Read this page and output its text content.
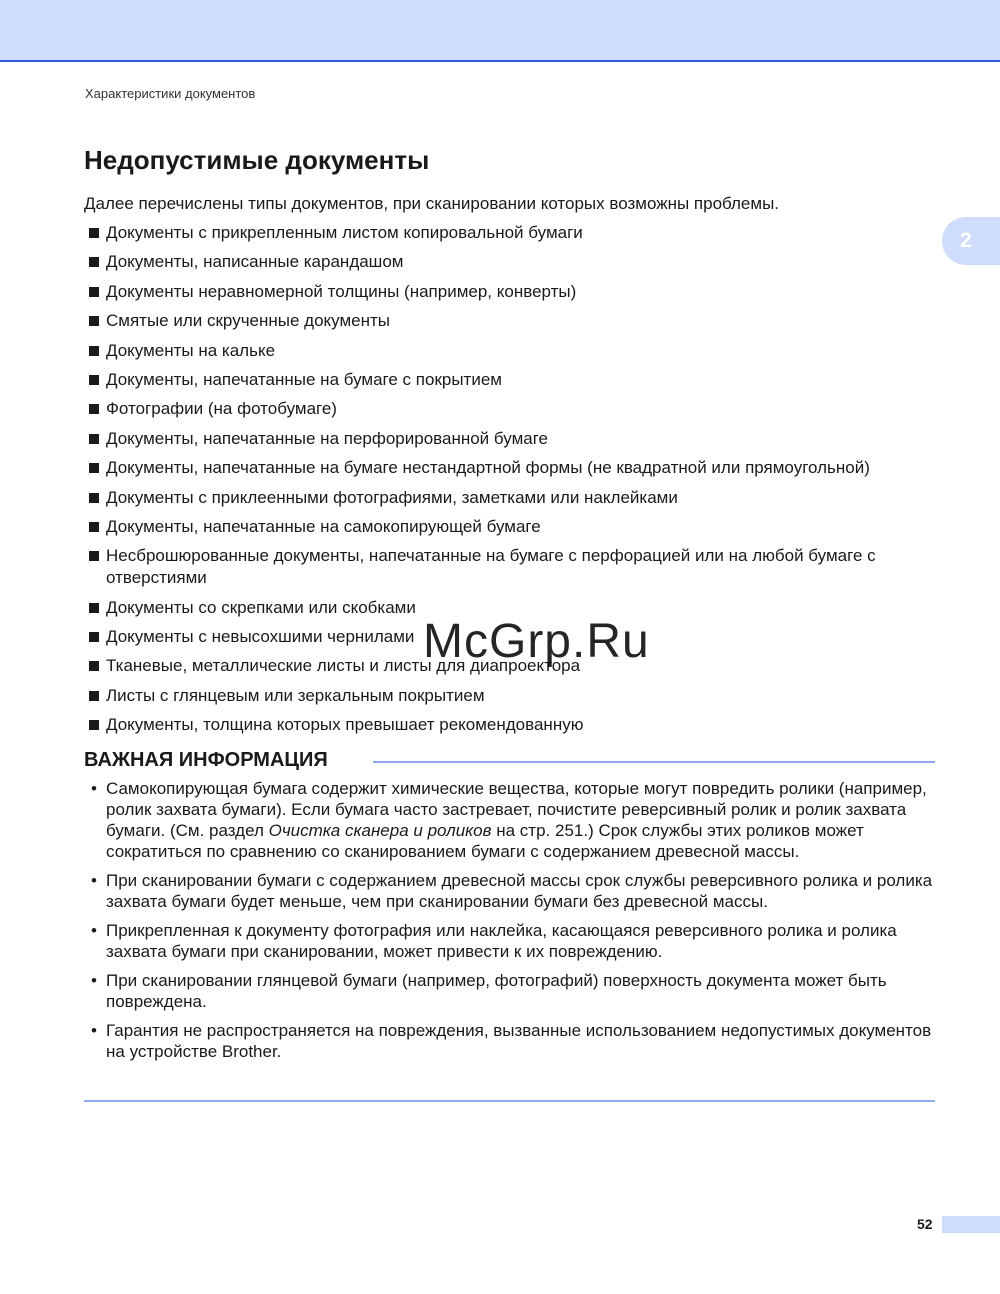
Характеристики документов
2
Недопустимые документы

Далее перечислены типы документов, при сканировании которых возможны проблемы.

Документы с прикрепленным листом копировальной бумаги
Документы, написанные карандашом
Документы неравномерной толщины (например, конверты)
Смятые или скрученные документы
Документы на кальке
Документы, напечатанные на бумаге с покрытием
Фотографии (на фотобумаге)
Документы, напечатанные на перфорированной бумаге
Документы, напечатанные на бумаге нестандартной формы (не квадратной или прямоугольной)
Документы с приклеенными фотографиями, заметками или наклейками
Документы, напечатанные на самокопирующей бумаге
Несброшюрованные документы, напечатанные на бумаге с перфорацией или на любой бумаге с отверстиями
Документы со скрепками или скобками
Документы с невысохшими чернилами
Тканевые, металлические листы и листы для диапроектора
Листы с глянцевым или зеркальным покрытием
Документы, толщина которых превышает рекомендованную
McGrp.Ru
ВАЖНАЯ ИНФОРМАЦИЯ
• Самокопирующая бумага содержит химические вещества, которые могут повредить ролики (например, ролик захвата бумаги). Если бумага часто застревает, почистите реверсивный ролик и ролик захвата бумаги. (См. раздел Очистка сканера и роликов на стр. 251.) Срок службы этих роликов может сократиться по сравнению со сканированием бумаги с содержанием древесной массы.
• При сканировании бумаги с содержанием древесной массы срок службы реверсивного ролика и ролика захвата бумаги будет меньше, чем при сканировании бумаги без древесной массы.
• Прикрепленная к документу фотография или наклейка, касающаяся реверсивного ролика и ролика захвата бумаги при сканировании, может привести к их повреждению.
• При сканировании глянцевой бумаги (например, фотографий) поверхность документа может быть повреждена.
• Гарантия не распространяется на повреждения, вызванные использованием недопустимых документов на устройстве Brother.
52
